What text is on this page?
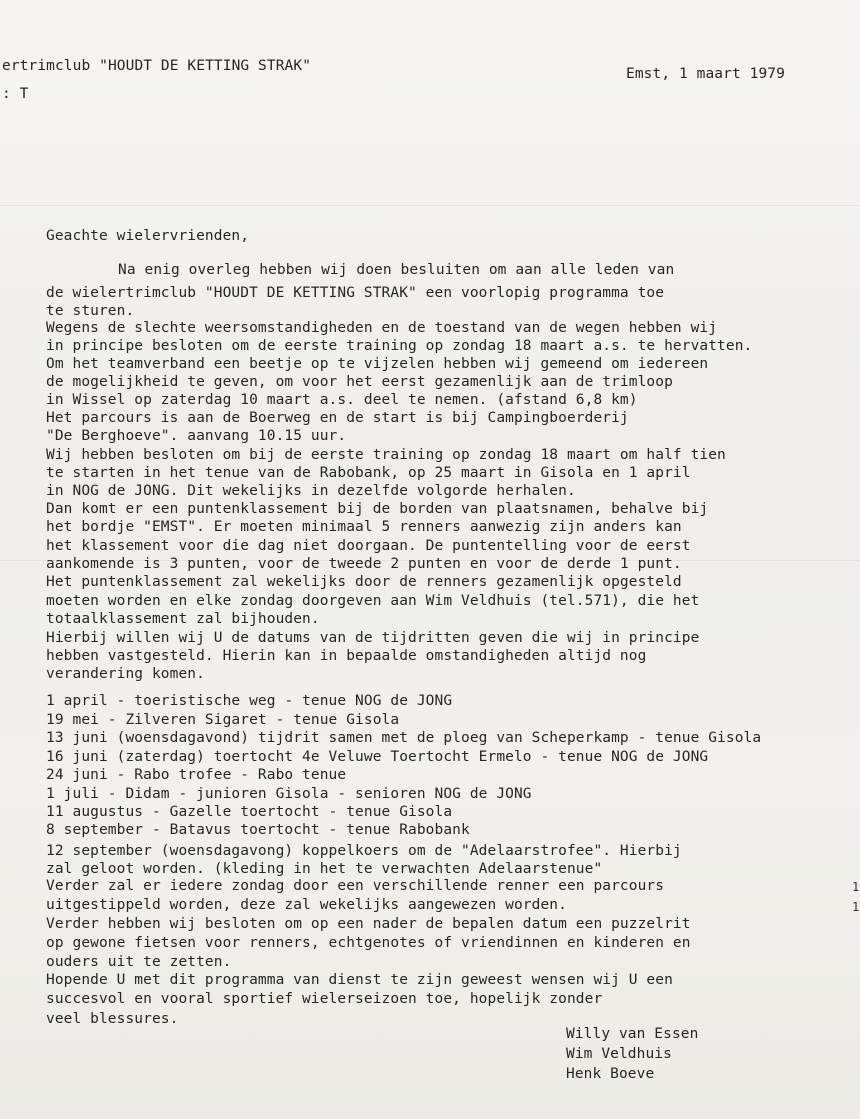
ertrimclub "HOUDT DE KETTING STRAK"
: T
Emst, 1 maart 1979
Geachte wielervrienden,
Na enig overleg hebben wij doen besluiten om aan alle leden van
de wielertrimclub "HOUDT DE KETTING STRAK" een voorlopig programma toe
te sturen.
Wegens de slechte weersomstandigheden en de toestand van de wegen hebben wij
in principe besloten om de eerste training op zondag 18 maart a.s. te hervatten.
Om het teamverband een beetje op te vijzelen hebben wij gemeend om iedereen
de mogelijkheid te geven, om voor het eerst gezamenlijk aan de trimloop
in Wissel op zaterdag 10 maart a.s. deel te nemen. (afstand 6,8 km)
Het parcours is aan de Boerweg en de start is bij Campingboerderij
"De Berghoeve". aanvang 10.15 uur.
Wij hebben besloten om bij de eerste training op zondag 18 maart om half tien
te starten in het tenue van de Rabobank, op 25 maart in Gisola en 1 april
in NOG de JONG. Dit wekelijks in dezelfde volgorde herhalen.
Dan komt er een puntenklassement bij de borden van plaatsnamen, behalve bij
het bordje "EMST". Er moeten minimaal 5 renners aanwezig zijn anders kan
het klassement voor die dag niet doorgaan. De puntentelling voor de eerst
aankomende is 3 punten, voor de tweede 2 punten en voor de derde 1 punt.
Het puntenklassement zal wekelijks door de renners gezamenlijk opgesteld
moeten worden en elke zondag doorgeven aan Wim Veldhuis (tel.571), die het
totaalklassement zal bijhouden.
Hierbij willen wij U de datums van de tijdritten geven die wij in principe
hebben vastgesteld. Hierin kan in bepaalde omstandigheden altijd nog
verandering komen.
1 april - toeristische weg - tenue NOG de JONG
19 mei - Zilveren Sigaret - tenue Gisola
13 juni (woensdagavond) tijdrit samen met de ploeg van Scheperkamp - tenue Gisola
16 juni (zaterdag) toertocht 4e Veluwe Toertocht Ermelo - tenue NOG de JONG
24 juni - Rabo trofee - Rabo tenue
1 juli - Didam - junioren Gisola - senioren NOG de JONG
11 augustus - Gazelle toertocht - tenue Gisola
8 september - Batavus toertocht - tenue Rabobank
12 september (woensdagavong) koppelkoers om de "Adelaarstrofee". Hierbij
zal geloot worden. (kleding in het te verwachten Adelaarstenue"
Verder zal er iedere zondag door een verschillende renner een parcours
uitgestippeld worden, deze zal wekelijks aangewezen worden.
Verder hebben wij besloten om op een nader de bepalen datum een puzzelrit
op gewone fietsen voor renners, echtgenotes of vriendinnen en kinderen en
ouders uit te zetten.
Hopende U met dit programma van dienst te zijn geweest wensen wij U een
succesvol en vooral sportief wielerseizoen toe, hopelijk zonder
veel blessures.
Willy van Essen
Wim Veldhuis
Henk Boeve
1
1
